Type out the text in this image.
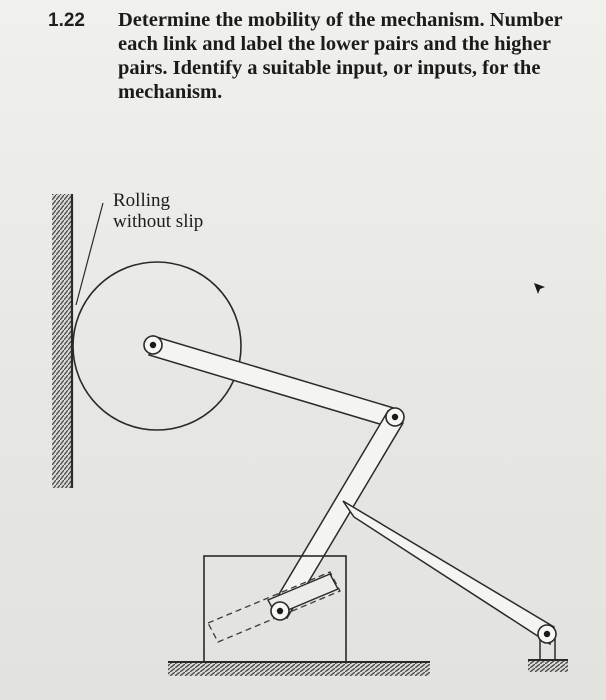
1.22 Determine the mobility of the mechanism. Number
each link and label the lower pairs and the higher
pairs. Identify a suitable input, or inputs, for the
mechanism.
Rolling
without slip
